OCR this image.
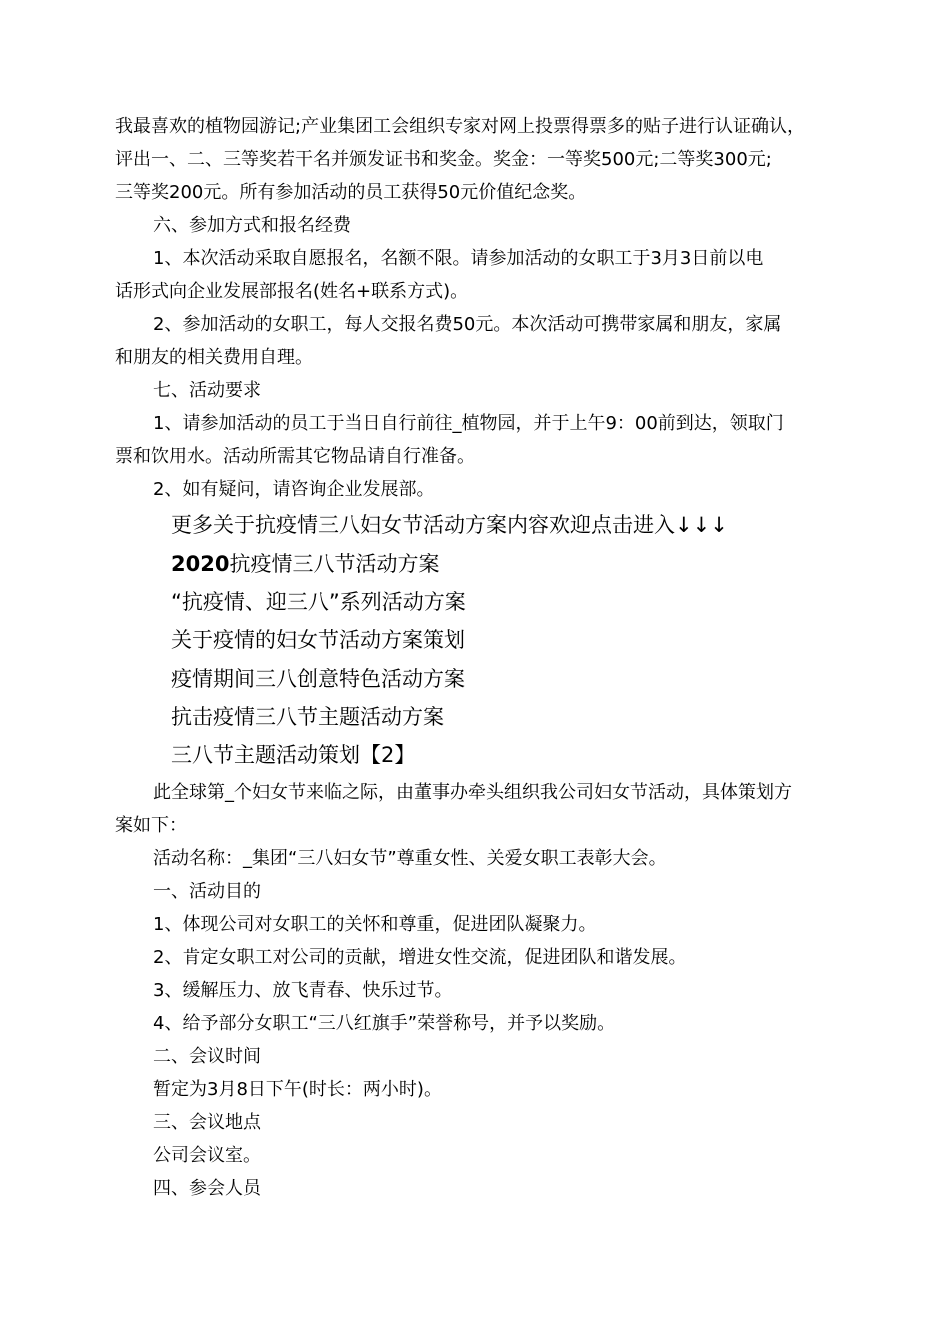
我最喜欢的植物园游记;产业集团工会组织专家对网上投票得票多的贴子进行认证确认，
评出一、二、三等奖若干名并颁发证书和奖金。奖金：一等奖500元;二等奖300元;
三等奖200元。所有参加活动的员工获得50元价值纪念奖。
六、参加方式和报名经费
1、本次活动采取自愿报名，名额不限。请参加活动的女职工于3月3日前以电
话形式向企业发展部报名(姓名+联系方式)。
2、参加活动的女职工，每人交报名费50元。本次活动可携带家属和朋友，家属
和朋友的相关费用自理。
七、活动要求
1、请参加活动的员工于当日自行前往_植物园，并于上午9：00前到达，领取门
票和饮用水。活动所需其它物品请自行准备。
2、如有疑问，请咨询企业发展部。
更多关于抗疫情三八妇女节活动方案内容欢迎点击进入↓↓↓
2020抗疫情三八节活动方案
“抗疫情、迎三八”系列活动方案
关于疫情的妇女节活动方案策划
疫情期间三八创意特色活动方案
抗击疫情三八节主题活动方案
三八节主题活动策划【2】
此全球第_个妇女节来临之际，由董事办牵头组织我公司妇女节活动，具体策划方
案如下：
活动名称：_集团“三八妇女节”尊重女性、关爱女职工表彰大会。
一、活动目的
1、体现公司对女职工的关怀和尊重，促进团队凝聚力。
2、肯定女职工对公司的贡献，增进女性交流，促进团队和谐发展。
3、缓解压力、放飞青春、快乐过节。
4、给予部分女职工“三八红旗手”荣誉称号，并予以奖励。
二、会议时间
暂定为3月8日下午(时长：两小时)。
三、会议地点
公司会议室。
四、参会人员
